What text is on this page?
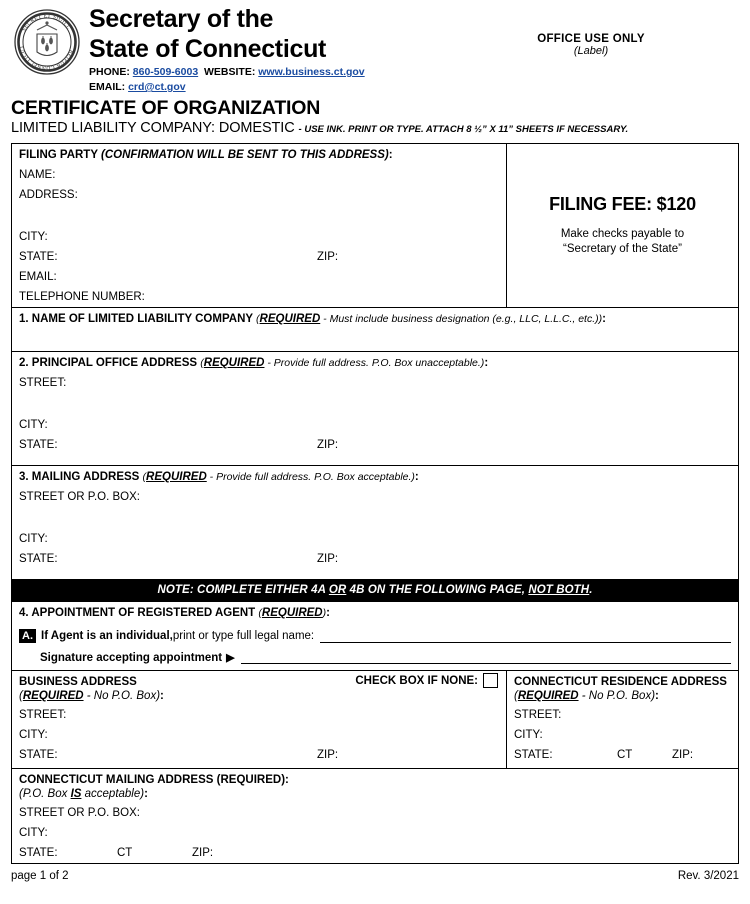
SECRET ET SIGILL
REIPUB CONNECTICUT
Secretary of the
State of Connecticut
PHONE: 860-509-6003 WEBSITE: www.business.ct.gov
EMAIL: crd@ct.gov
OFFICE USE ONLY
(Label)
CERTIFICATE OF ORGANIZATION
LIMITED LIABILITY COMPANY: DOMESTIC - USE INK. PRINT OR TYPE. ATTACH 8 ½” X 11” SHEETS IF NECESSARY.
FILING PARTY (CONFIRMATION WILL BE SENT TO THIS ADDRESS):
NAME:
ADDRESS:
CITY:
STATE:	ZIP:
EMAIL:
TELEPHONE NUMBER:
FILING FEE: $120
Make checks payable to
“Secretary of the State”
1. NAME OF LIMITED LIABILITY COMPANY (REQUIRED - Must include business designation (e.g., LLC, L.L.C., etc.)):
2. PRINCIPAL OFFICE ADDRESS (REQUIRED - Provide full address. P.O. Box unacceptable.):
STREET:
CITY:
STATE:	ZIP:
3. MAILING ADDRESS (REQUIRED - Provide full address. P.O. Box acceptable.):
STREET OR P.O. BOX:
CITY:
STATE:	ZIP:
NOTE: COMPLETE EITHER 4A OR 4B ON THE FOLLOWING PAGE, NOT BOTH.
4. APPOINTMENT OF REGISTERED AGENT (REQUIRED):
A. If Agent is an individual, print or type full legal name:
Signature accepting appointment ▶
BUSINESS ADDRESS	CHECK BOX IF NONE:
(REQUIRED - No P.O. Box):
STREET:
CITY:
STATE:	ZIP:
CONNECTICUT RESIDENCE ADDRESS
(REQUIRED - No P.O. Box):
STREET:
CITY:
STATE:	CT	ZIP:
CONNECTICUT MAILING ADDRESS (REQUIRED):
(P.O. Box IS acceptable):
STREET OR P.O. BOX:
CITY:
STATE:	CT	ZIP:
page 1 of 2	Rev. 3/2021
